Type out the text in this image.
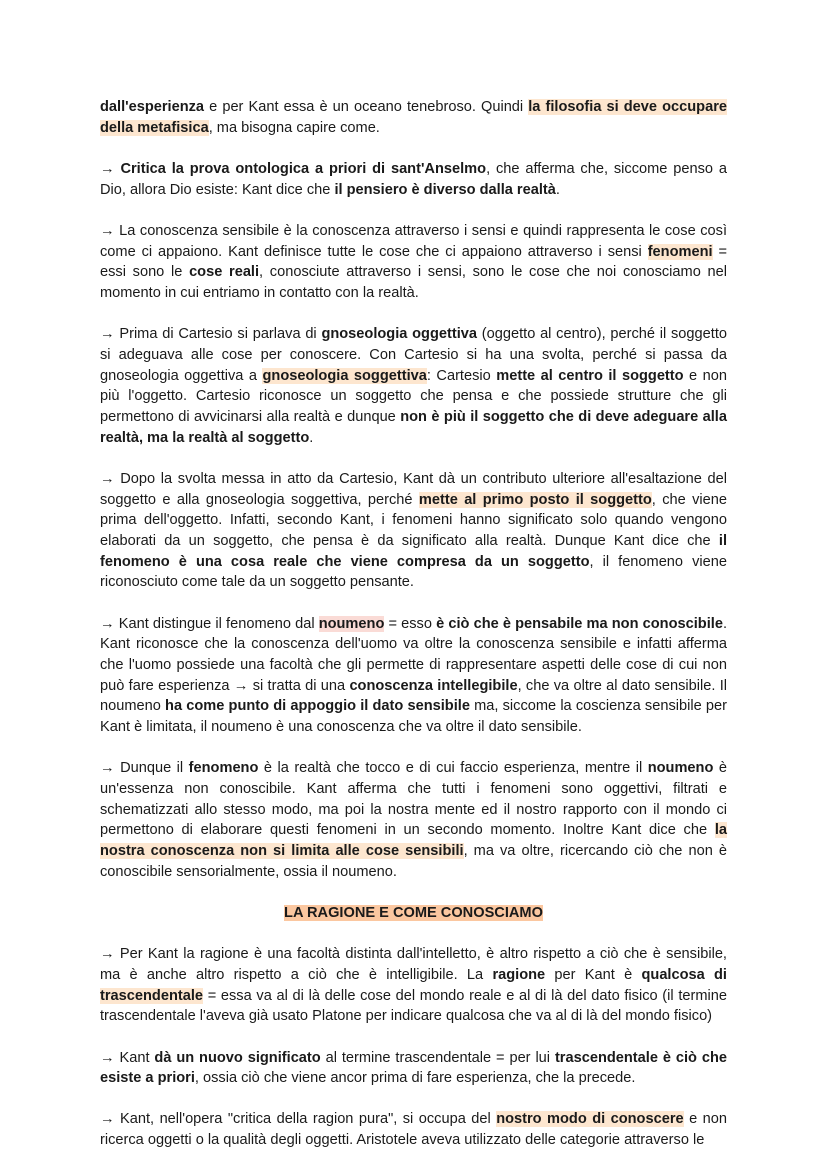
dall'esperienza e per Kant essa è un oceano tenebroso. Quindi la filosofia si deve occupare della metafisica, ma bisogna capire come.

→ Critica la prova ontologica a priori di sant'Anselmo, che afferma che, siccome penso a Dio, allora Dio esiste: Kant dice che il pensiero è diverso dalla realtà.

→ La conoscenza sensibile è la conoscenza attraverso i sensi e quindi rappresenta le cose così come ci appaiono. Kant definisce tutte le cose che ci appaiono attraverso i sensi fenomeni = essi sono le cose reali, conosciute attraverso i sensi, sono le cose che noi conosciamo nel momento in cui entriamo in contatto con la realtà.

→ Prima di Cartesio si parlava di gnoseologia oggettiva (oggetto al centro), perché il soggetto si adeguava alle cose per conoscere. Con Cartesio si ha una svolta, perché si passa da gnoseologia oggettiva a gnoseologia soggettiva: Cartesio mette al centro il soggetto e non più l'oggetto. Cartesio riconosce un soggetto che pensa e che possiede strutture che gli permettono di avvicinarsi alla realtà e dunque non è più il soggetto che di deve adeguare alla realtà, ma la realtà al soggetto.

→ Dopo la svolta messa in atto da Cartesio, Kant dà un contributo ulteriore all'esaltazione del soggetto e alla gnoseologia soggettiva, perché mette al primo posto il soggetto, che viene prima dell'oggetto. Infatti, secondo Kant, i fenomeni hanno significato solo quando vengono elaborati da un soggetto, che pensa è da significato alla realtà. Dunque Kant dice che il fenomeno è una cosa reale che viene compresa da un soggetto, il fenomeno viene riconosciuto come tale da un soggetto pensante.

→ Kant distingue il fenomeno dal noumeno = esso è ciò che è pensabile ma non conoscibile. Kant riconosce che la conoscenza dell'uomo va oltre la conoscenza sensibile e infatti afferma che l'uomo possiede una facoltà che gli permette di rappresentare aspetti delle cose di cui non può fare esperienza → si tratta di una conoscenza intellegibile, che va oltre al dato sensibile. Il noumeno ha come punto di appoggio il dato sensibile ma, siccome la coscienza sensibile per Kant è limitata, il noumeno è una conoscenza che va oltre il dato sensibile.

→ Dunque il fenomeno è la realtà che tocco e di cui faccio esperienza, mentre il noumeno è un'essenza non conoscibile. Kant afferma che tutti i fenomeni sono oggettivi, filtrati e schematizzati allo stesso modo, ma poi la nostra mente ed il nostro rapporto con il mondo ci permettono di elaborare questi fenomeni in un secondo momento. Inoltre Kant dice che la nostra conoscenza non si limita alle cose sensibili, ma va oltre, ricercando ciò che non è conoscibile sensorialmente, ossia il noumeno.

LA RAGIONE E COME CONOSCIAMO

→ Per Kant la ragione è una facoltà distinta dall'intelletto, è altro rispetto a ciò che è sensibile, ma è anche altro rispetto a ciò che è intelligibile. La ragione per Kant è qualcosa di trascendentale = essa va al di là delle cose del mondo reale e al di là del dato fisico (il termine trascendentale l'aveva già usato Platone per indicare qualcosa che va al di là del mondo fisico)

→ Kant dà un nuovo significato al termine trascendentale = per lui trascendentale è ciò che esiste a priori, ossia ciò che viene ancor prima di fare esperienza, che la precede.

→ Kant, nell'opera "critica della ragion pura", si occupa del nostro modo di conoscere e non ricerca oggetti o la qualità degli oggetti. Aristotele aveva utilizzato delle categorie attraverso le
